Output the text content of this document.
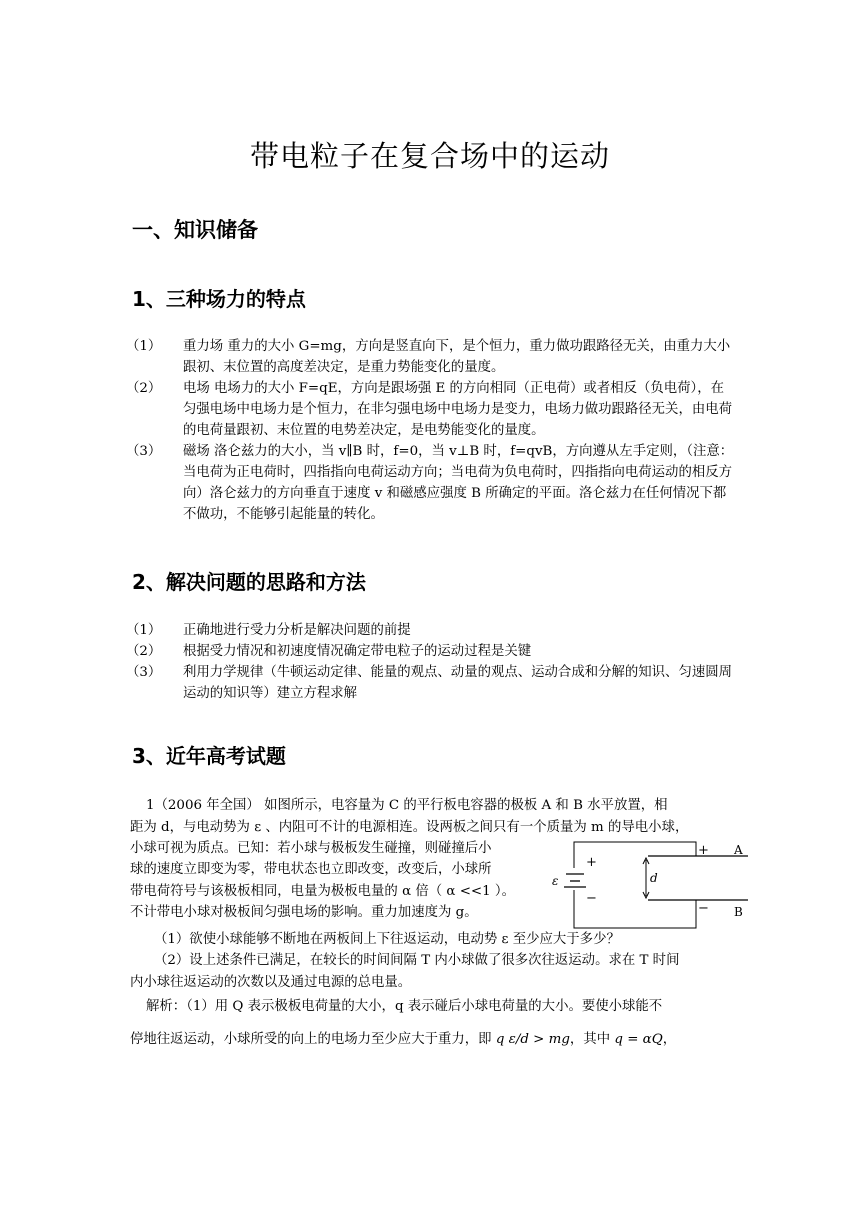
带电粒子在复合场中的运动
一、知识储备
1、三种场力的特点
（1）	重力场 重力的大小 G=mg，方向是竖直向下，是个恒力，重力做功跟路径无关，由重力大小跟初、末位置的高度差决定，是重力势能变化的量度。
（2）	电场 电场力的大小 F=qE，方向是跟场强 E 的方向相同（正电荷）或者相反（负电荷），在匀强电场中电场力是个恒力，在非匀强电场中电场力是变力，电场力做功跟路径无关，由电荷的电荷量跟初、末位置的电势差决定，是电势能变化的量度。
（3）	磁场 洛仑兹力的大小，当 v∥B 时，f=0，当 v⊥B 时，f=qvB，方向遵从左手定则，（注意：当电荷为正电荷时，四指指向电荷运动方向；当电荷为负电荷时，四指指向电荷运动的相反方向）洛仑兹力的方向垂直于速度 v 和磁感应强度 B 所确定的平面。洛仑兹力在任何情况下都不做功，不能够引起能量的转化。
2、解决问题的思路和方法
（1）	正确地进行受力分析是解决问题的前提
（2）	根据受力情况和初速度情况确定带电粒子的运动过程是关键
（3）	利用力学规律（牛顿运动定律、能量的观点、动量的观点、运动合成和分解的知识、匀速圆周运动的知识等）建立方程求解
3、近年高考试题
1（2006 年全国） 如图所示，电容量为 C 的平行板电容器的极板 A 和 B 水平放置，相
距为 d，与电动势为 ε 、内阻可不计的电源相连。设两板之间只有一个质量为 m 的导电小球，
小球可视为质点。已知：若小球与极板发生碰撞，则碰撞后小
球的速度立即变为零，带电状态也立即改变，改变后，小球所
带电荷符号与该极板相同，电量为极板电量的 α 倍（ α <<1 ）。
不计带电小球对极板间匀强电场的影响。重力加速度为 g。
+
−
ε	d
+
−
A
B
（1）欲使小球能够不断地在两板间上下往返运动，电动势 ε 至少应大于多少？
（2）设上述条件已满足，在较长的时间间隔 T 内小球做了很多次往返运动。求在 T 时间
内小球往返运动的次数以及通过电源的总电量。
解析：（1）用 Q 表示极板电荷量的大小，q 表示碰后小球电荷量的大小。要使小球能不
停地往返运动，小球所受的向上的电场力至少应大于重力，即 q ε/d > mg，其中 q = αQ，
